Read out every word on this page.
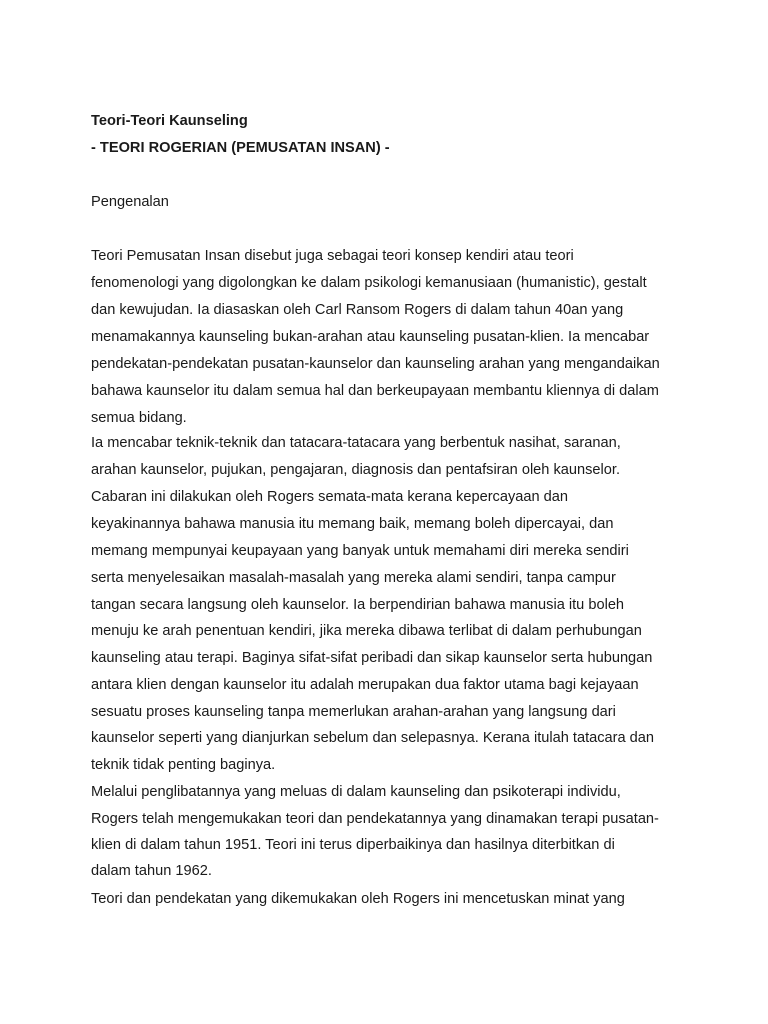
Teori-Teori Kaunseling
- TEORI ROGERIAN (PEMUSATAN INSAN) -
Pengenalan
Teori Pemusatan Insan disebut juga sebagai teori konsep kendiri atau teori
fenomenologi yang digolongkan ke dalam psikologi kemanusiaan (humanistic), gestalt
dan kewujudan. Ia diasaskan oleh Carl Ransom Rogers di dalam tahun 40an yang
menamakannya kaunseling bukan-arahan atau kaunseling pusatan-klien. Ia mencabar
pendekatan-pendekatan pusatan-kaunselor dan kaunseling arahan yang mengandaikan
bahawa kaunselor itu dalam semua hal dan berkeupayaan membantu kliennya di dalam
semua bidang.
Ia mencabar teknik-teknik dan tatacara-tatacara yang berbentuk nasihat, saranan,
arahan kaunselor, pujukan, pengajaran, diagnosis dan pentafsiran oleh kaunselor.
Cabaran ini dilakukan oleh Rogers semata-mata kerana kepercayaan dan
keyakinannya bahawa manusia itu memang baik, memang boleh dipercayai, dan
memang mempunyai keupayaan yang banyak untuk memahami diri mereka sendiri
serta menyelesaikan masalah-masalah yang mereka alami sendiri, tanpa campur
tangan secara langsung oleh kaunselor. Ia berpendirian bahawa manusia itu boleh
menuju ke arah penentuan kendiri, jika mereka dibawa terlibat di dalam perhubungan
kaunseling atau terapi. Baginya sifat-sifat peribadi dan sikap kaunselor serta hubungan
antara klien dengan kaunselor itu adalah merupakan dua faktor utama bagi kejayaan
sesuatu proses kaunseling tanpa memerlukan arahan-arahan yang langsung dari
kaunselor seperti yang dianjurkan sebelum dan selepasnya. Kerana itulah tatacara dan
teknik tidak penting baginya.
Melalui penglibatannya yang meluas di dalam kaunseling dan psikoterapi individu,
Rogers telah mengemukakan teori dan pendekatannya yang dinamakan terapi pusatan-
klien di dalam tahun 1951. Teori ini terus diperbaikinya dan hasilnya diterbitkan di
dalam tahun 1962.
Teori dan pendekatan yang dikemukakan oleh Rogers ini mencetuskan minat yang
